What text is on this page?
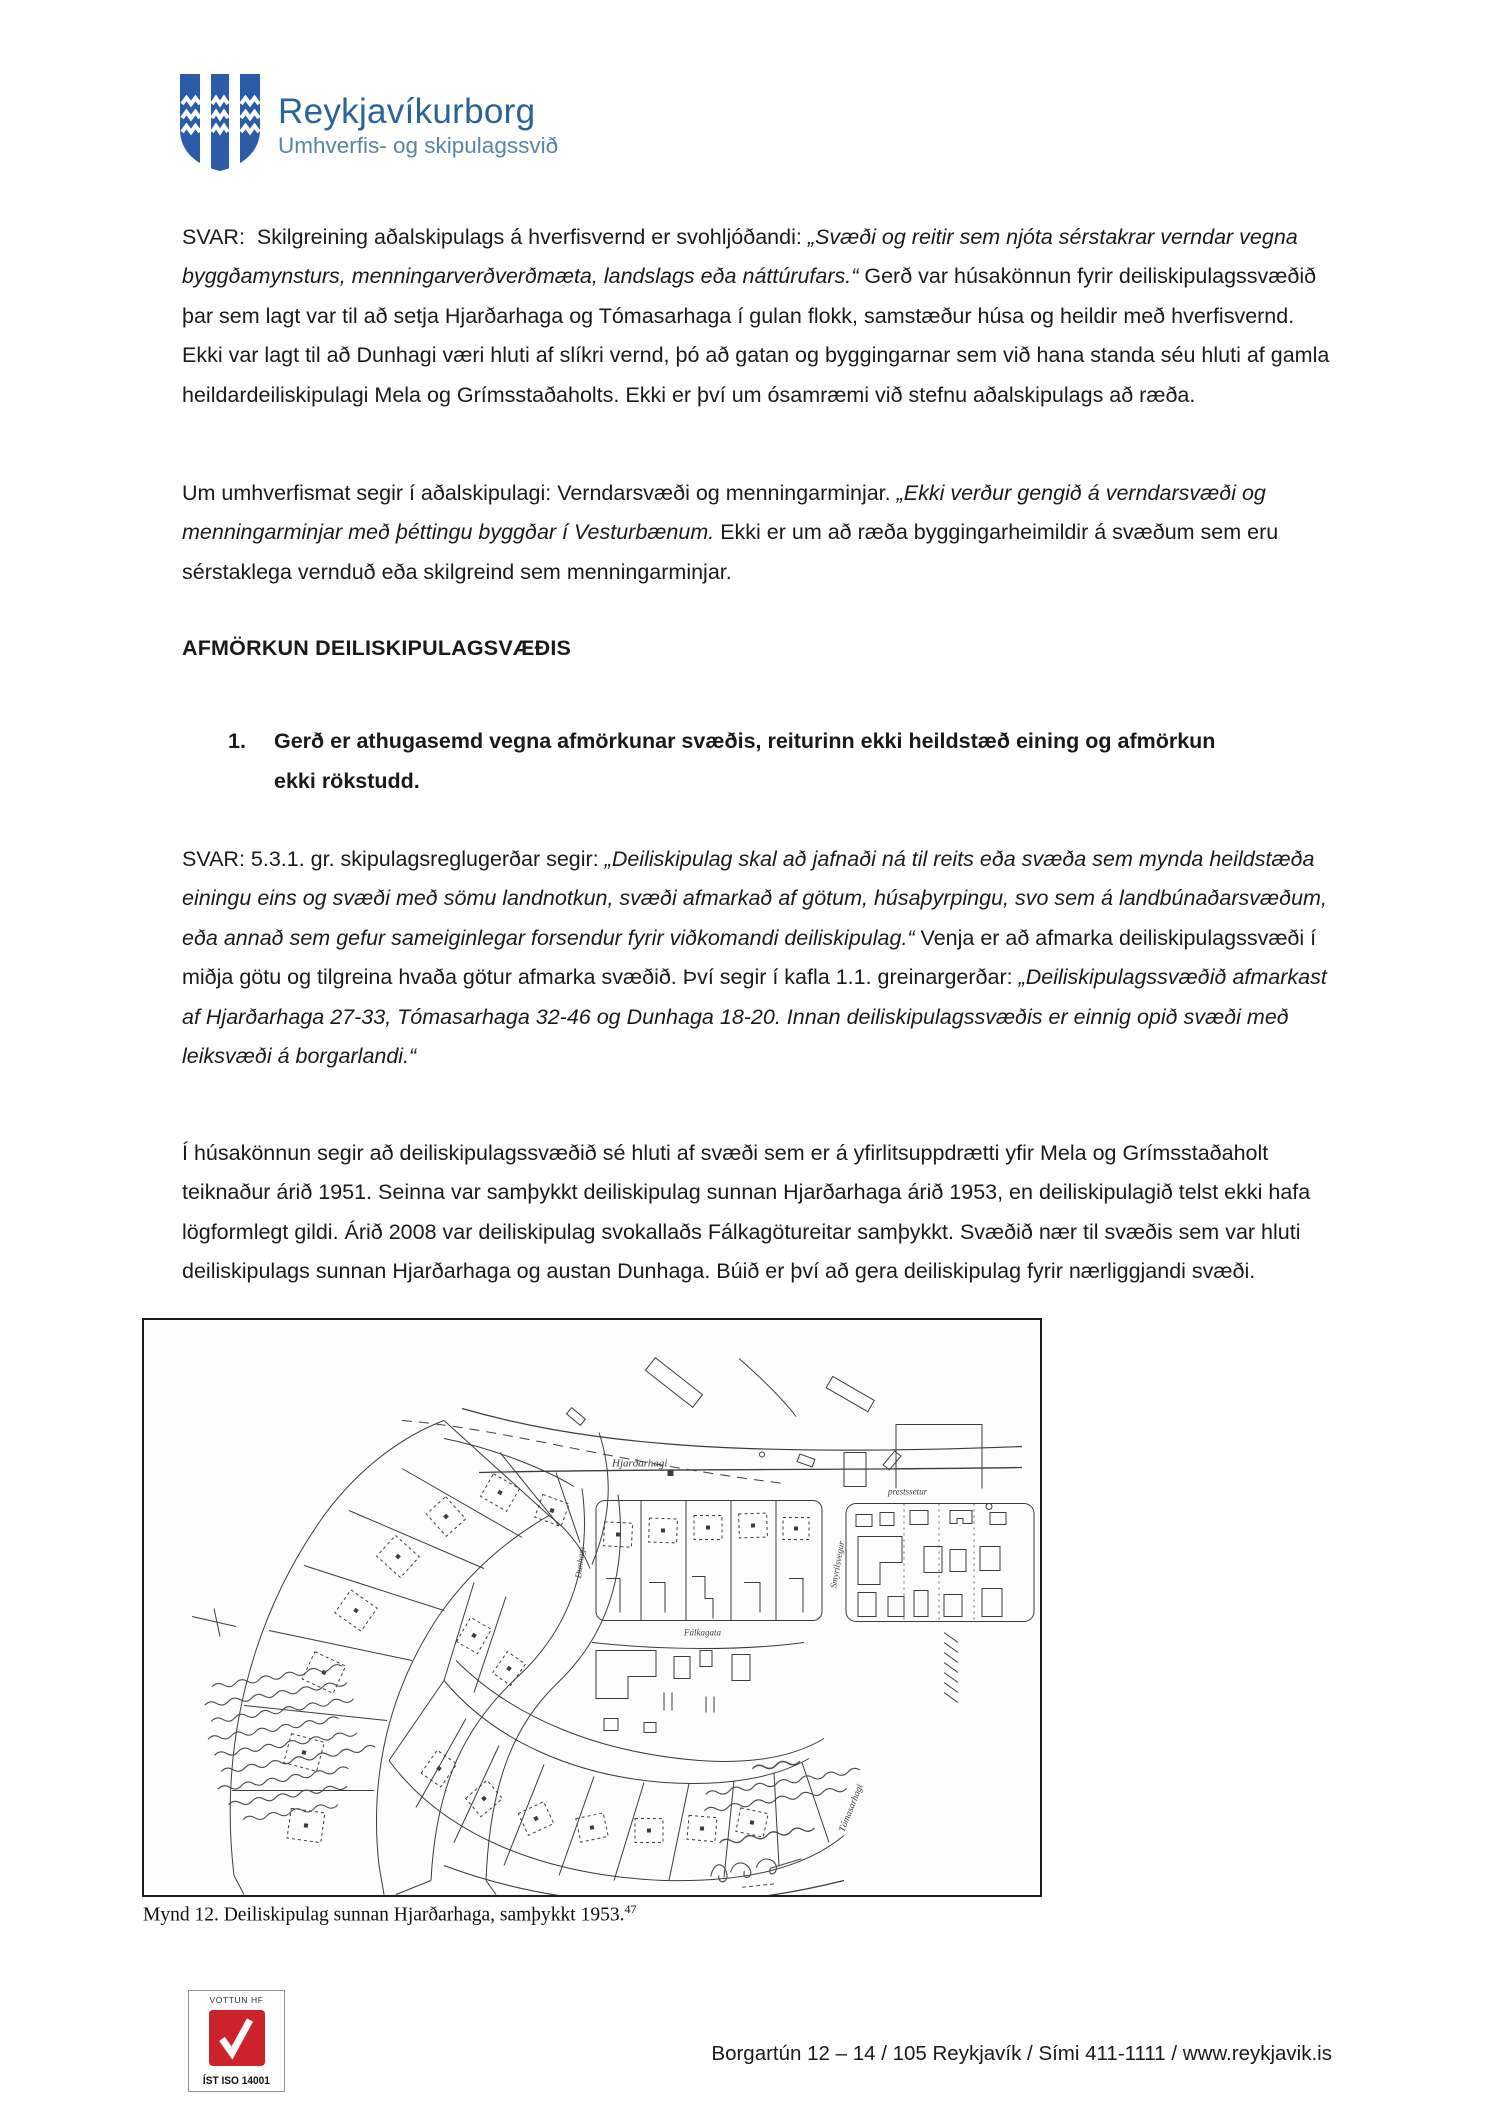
Reykjavíkurborg
Umhverfis- og skipulagssvið

SVAR:  Skilgreining aðalskipulags á hverfisvernd er svohljóðandi: „Svæði og reitir sem njóta sérstakrar verndar vegna byggðamynsturs, menningarverðverðmæta, landslags eða náttúrufars.“ Gerð var húsakönnun fyrir deiliskipulagssvæðið þar sem lagt var til að setja Hjarðarhaga og Tómasarhaga í gulan flokk, samstæður húsa og heildir með hverfisvernd. Ekki var lagt til að Dunhagi væri hluti af slíkri vernd, þó að gatan og byggingarnar sem við hana standa séu hluti af gamla heildardeiliskipulagi Mela og Grímsstaðaholts. Ekki er því um ósamræmi við stefnu aðalskipulags að ræða.

Um umhverfismat segir í aðalskipulagi: Verndarsvæði og menningarminjar. „Ekki verður gengið á verndarsvæði og menningarminjar með þéttingu byggðar í Vesturbænum. Ekki er um að ræða byggingarheimildir á svæðum sem eru sérstaklega vernduð eða skilgreind sem menningarminjar.

AFMÖRKUN DEILISKIPULAGSVÆÐIS
1.	Gerð er athugasemd vegna afmörkunar svæðis, reiturinn ekki heildstæð eining og afmörkun ekki rökstudd.

SVAR: 5.3.1. gr. skipulagsreglugerðar segir: „Deiliskipulag skal að jafnaði ná til reits eða svæða sem mynda heildstæða einingu eins og svæði með sömu landnotkun, svæði afmarkað af götum, húsaþyrpingu, svo sem á landbúnaðarsvæðum, eða annað sem gefur sameiginlegar forsendur fyrir viðkomandi deiliskipulag.“ Venja er að afmarka deiliskipulagssvæði í miðja götu og tilgreina hvaða götur afmarka svæðið. Því segir í kafla 1.1. greinargerðar: „Deiliskipulagssvæðið afmarkast af Hjarðarhaga 27-33, Tómasarhaga 32-46 og Dunhaga 18-20. Innan deiliskipulagssvæðis er einnig opið svæði með leiksvæði á borgarlandi.“

Í húsakönnun segir að deiliskipulagssvæðið sé hluti af svæði sem er á yfirlitsuppdrætti yfir Mela og Grímsstaðaholt teiknaður árið 1951. Seinna var samþykkt deiliskipulag sunnan Hjarðarhaga árið 1953, en deiliskipulagið telst ekki hafa lögformlegt gildi. Árið 2008 var deiliskipulag svokallaðs Fálkagötureitar samþykkt. Svæðið nær til svæðis sem var hluti deiliskipulags sunnan Hjarðarhaga og austan Dunhaga. Búið er því að gera deiliskipulag fyrir nærliggjandi svæði.

Hjarðarhagi
Fálkagata
prestssetur
Dunhagi	Smyrilsvegur
Tómasarhagi
Mynd 12. Deiliskipulag sunnan Hjarðarhaga, samþykkt 1953.47
VOTTUN HF
ÍST ISO 14001
Borgartún 12 – 14 / 105 Reykjavík / Sími 411-1111 / www.reykjavik.is
